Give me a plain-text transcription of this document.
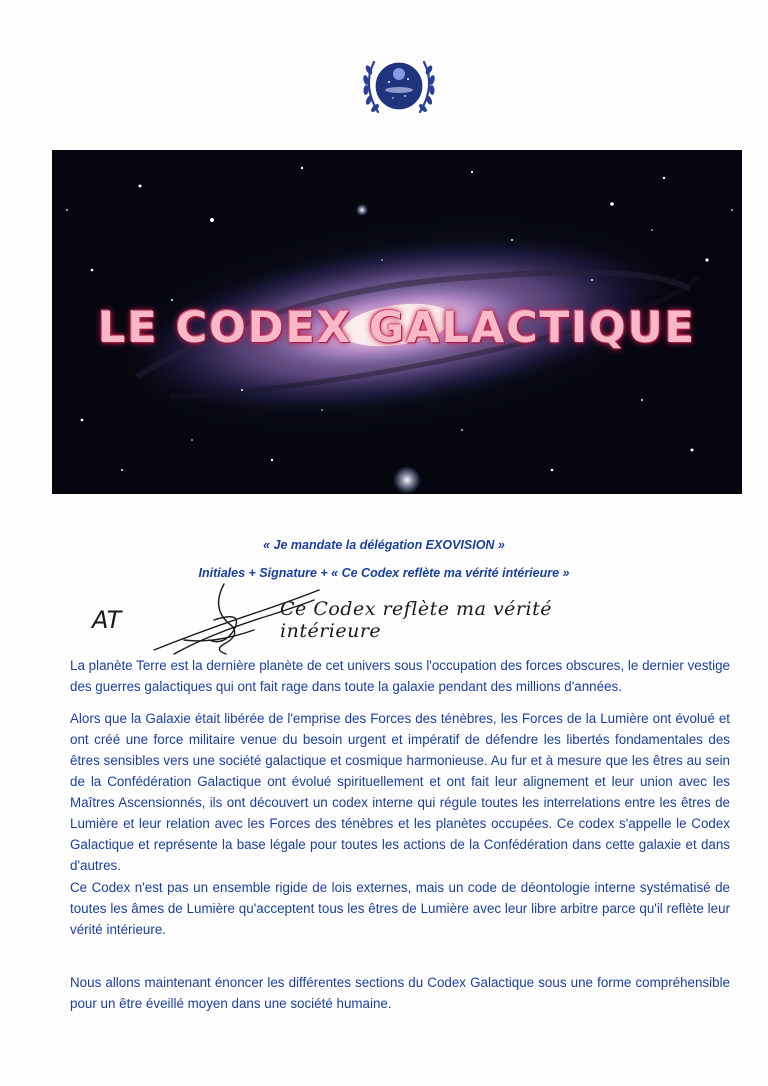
LE CODEX GALACTIQUE
« Je mandate la délégation EXOVISION »
Initiales + Signature + « Ce Codex reflète ma vérité intérieure »
AT	Ce Codex reflète ma vérité intérieure

La planète Terre est la dernière planète de cet univers sous l'occupation des forces obscures, le dernier vestige des guerres galactiques qui ont fait rage dans toute la galaxie pendant des millions d'années.

Alors que la Galaxie était libérée de l'emprise des Forces des ténèbres, les Forces de la Lumière ont évolué et ont créé une force militaire venue du besoin urgent et impératif de défendre les libertés fondamentales des êtres sensibles vers une société galactique et cosmique harmonieuse. Au fur et à mesure que les êtres au sein de la Confédération Galactique ont évolué spirituellement et ont fait leur alignement et leur union avec les Maîtres Ascensionnés, ils ont découvert un codex interne qui régule toutes les interrelations entre les êtres de Lumière et leur relation avec les Forces des ténèbres et les planètes occupées. Ce codex s'appelle le Codex Galactique et représente la base légale pour toutes les actions de la Confédération dans cette galaxie et dans d'autres.

Ce Codex n'est pas un ensemble rigide de lois externes, mais un code de déontologie interne systématisé de toutes les âmes de Lumière qu'acceptent tous les êtres de Lumière avec leur libre arbitre parce qu'il reflète leur vérité intérieure.

Nous allons maintenant énoncer les différentes sections du Codex Galactique sous une forme compréhensible pour un être éveillé moyen dans une société humaine.
